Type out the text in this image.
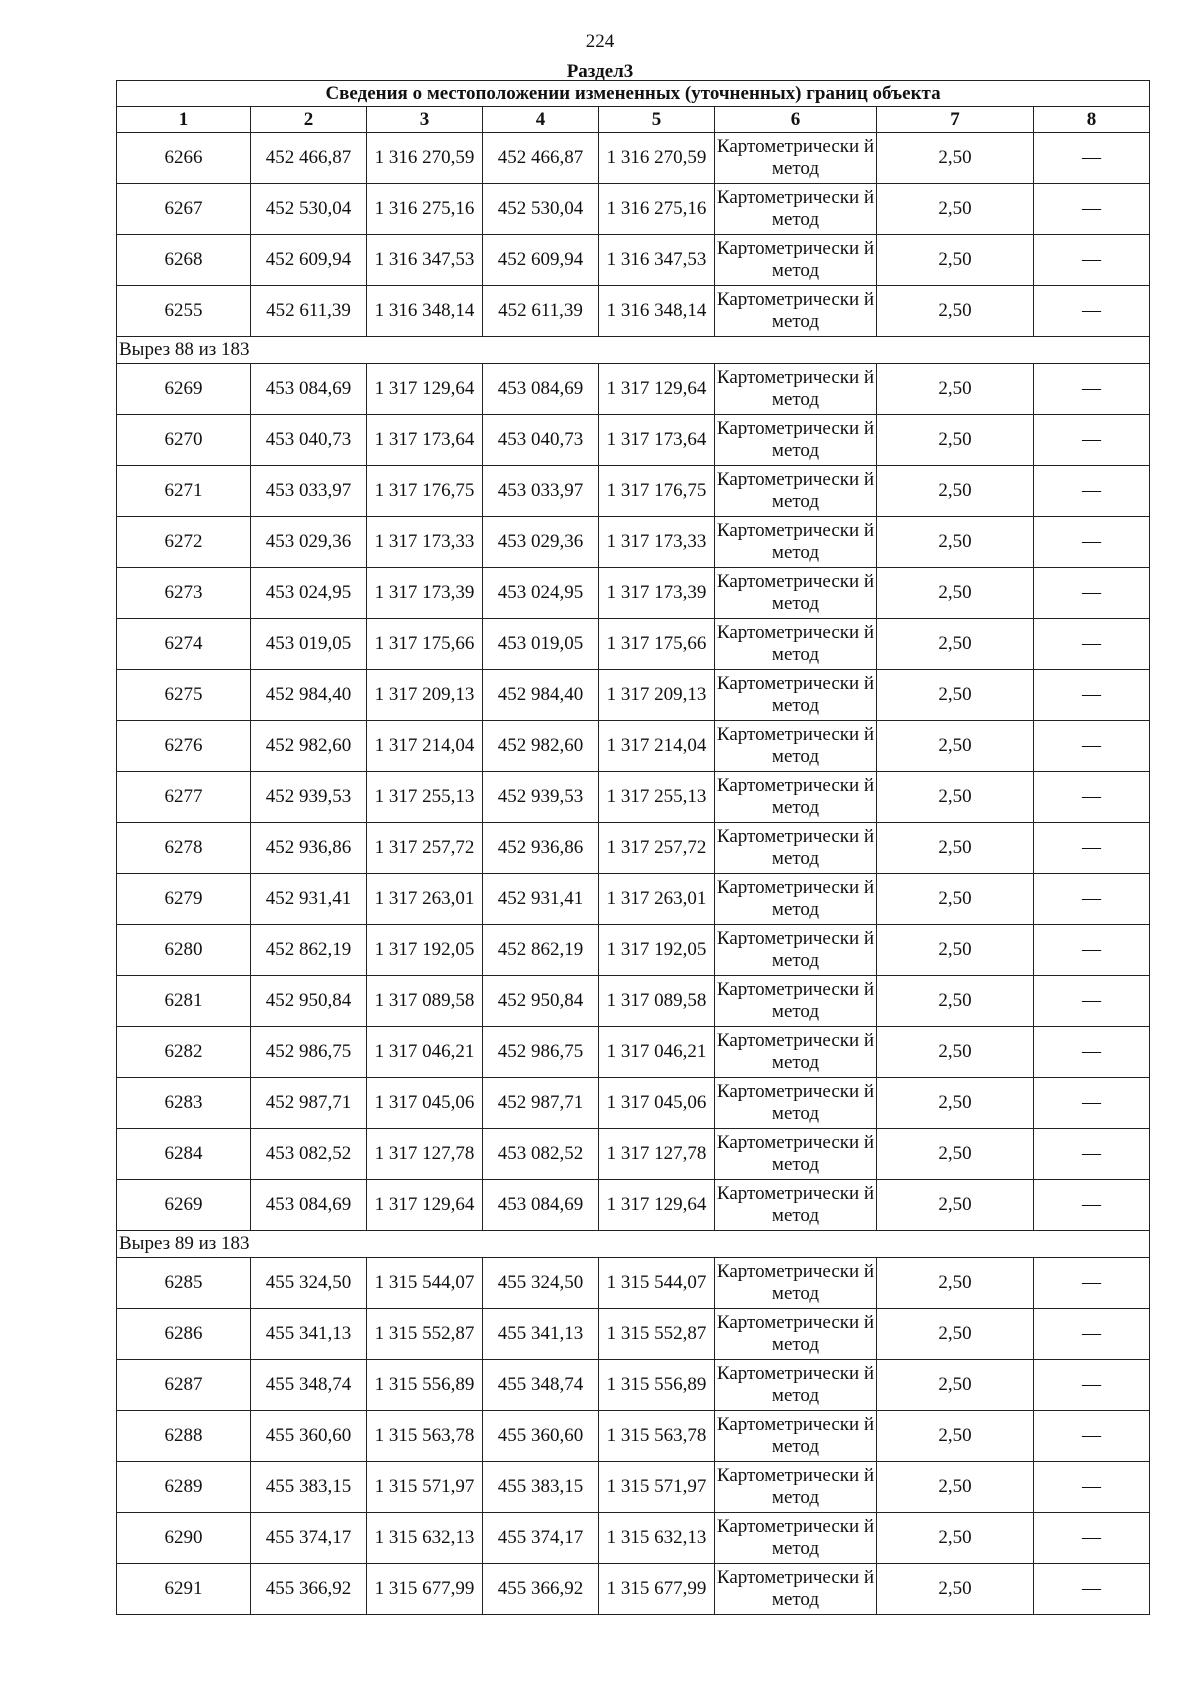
224
Раздел3
Сведения о местоположении измененных (уточненных) границ объекта							
1	2	3	4	5	6	7	8
6266	452 466,87	1 316 270,59	452 466,87	1 316 270,59	Картометрически й метод	2,50	—
6267	452 530,04	1 316 275,16	452 530,04	1 316 275,16	Картометрически й метод	2,50	—
6268	452 609,94	1 316 347,53	452 609,94	1 316 347,53	Картометрически й метод	2,50	—
6255	452 611,39	1 316 348,14	452 611,39	1 316 348,14	Картометрически й метод	2,50	—
Вырез 88 из 183							
6269	453 084,69	1 317 129,64	453 084,69	1 317 129,64	Картометрически й метод	2,50	—
6270	453 040,73	1 317 173,64	453 040,73	1 317 173,64	Картометрически й метод	2,50	—
6271	453 033,97	1 317 176,75	453 033,97	1 317 176,75	Картометрически й метод	2,50	—
6272	453 029,36	1 317 173,33	453 029,36	1 317 173,33	Картометрически й метод	2,50	—
6273	453 024,95	1 317 173,39	453 024,95	1 317 173,39	Картометрически й метод	2,50	—
6274	453 019,05	1 317 175,66	453 019,05	1 317 175,66	Картометрически й метод	2,50	—
6275	452 984,40	1 317 209,13	452 984,40	1 317 209,13	Картометрически й метод	2,50	—
6276	452 982,60	1 317 214,04	452 982,60	1 317 214,04	Картометрически й метод	2,50	—
6277	452 939,53	1 317 255,13	452 939,53	1 317 255,13	Картометрически й метод	2,50	—
6278	452 936,86	1 317 257,72	452 936,86	1 317 257,72	Картометрически й метод	2,50	—
6279	452 931,41	1 317 263,01	452 931,41	1 317 263,01	Картометрически й метод	2,50	—
6280	452 862,19	1 317 192,05	452 862,19	1 317 192,05	Картометрически й метод	2,50	—
6281	452 950,84	1 317 089,58	452 950,84	1 317 089,58	Картометрически й метод	2,50	—
6282	452 986,75	1 317 046,21	452 986,75	1 317 046,21	Картометрически й метод	2,50	—
6283	452 987,71	1 317 045,06	452 987,71	1 317 045,06	Картометрически й метод	2,50	—
6284	453 082,52	1 317 127,78	453 082,52	1 317 127,78	Картометрически й метод	2,50	—
6269	453 084,69	1 317 129,64	453 084,69	1 317 129,64	Картометрически й метод	2,50	—
Вырез 89 из 183							
6285	455 324,50	1 315 544,07	455 324,50	1 315 544,07	Картометрически й метод	2,50	—
6286	455 341,13	1 315 552,87	455 341,13	1 315 552,87	Картометрически й метод	2,50	—
6287	455 348,74	1 315 556,89	455 348,74	1 315 556,89	Картометрически й метод	2,50	—
6288	455 360,60	1 315 563,78	455 360,60	1 315 563,78	Картометрически й метод	2,50	—
6289	455 383,15	1 315 571,97	455 383,15	1 315 571,97	Картометрически й метод	2,50	—
6290	455 374,17	1 315 632,13	455 374,17	1 315 632,13	Картометрически й метод	2,50	—
6291	455 366,92	1 315 677,99	455 366,92	1 315 677,99	Картометрически й метод	2,50	—
